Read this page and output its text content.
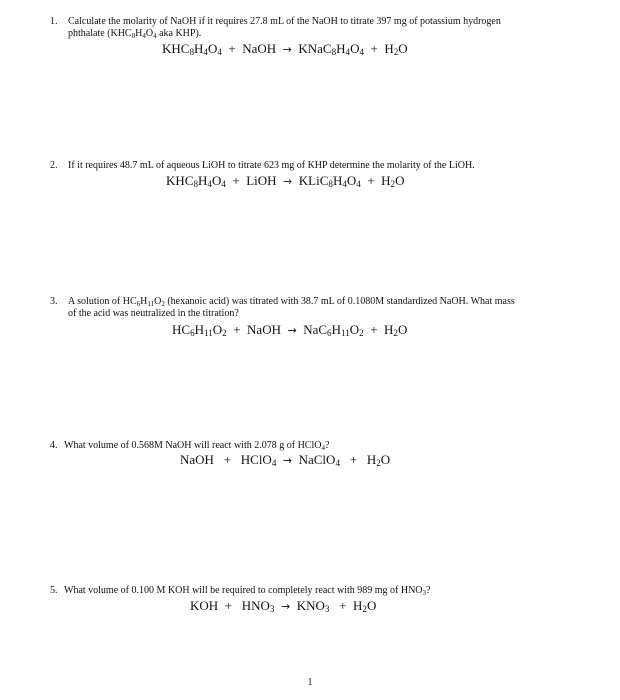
1. Calculate the molarity of NaOH if it requires 27.8 mL of the NaOH to titrate 397 mg of potassium hydrogen
phthalate ($KHC_8H_4O_4$ aka KHP).
$KHC_8H_4O_4$  +  NaOH  →  $KNaC_8H_4O_4 + H_2O$
2. If it requires 48.7 mL of aqueous LiOH to titrate 623 mg of KHP determine the molarity of the LiOH.
$KHC_8H_4O_4$  +  LiOH  →  $KLiC_8H_4O_4 + H_2O$
3. A solution of $HC_6H_{11}O_2$ (hexanoic acid) was titrated with 38.7 mL of 0.1080M standardized NaOH. What mass
of the acid was neutralized in the titration?
$HC_6H_{11}O_2$  +  NaOH  →  $NaC_6H_{11}O_2 + H_2O$
4. What volume of 0.568M NaOH will react with 2.078 g of HClO$_4$?
NaOH   +   HClO$_4$ →  NaClO$_4$   +   $H_2O$
5. What volume of 0.100 M KOH will be required to completely react with 989 mg of $HNO_3$?
KOH  +   $HNO_3 \to KNO_3 + H_2O$
1
